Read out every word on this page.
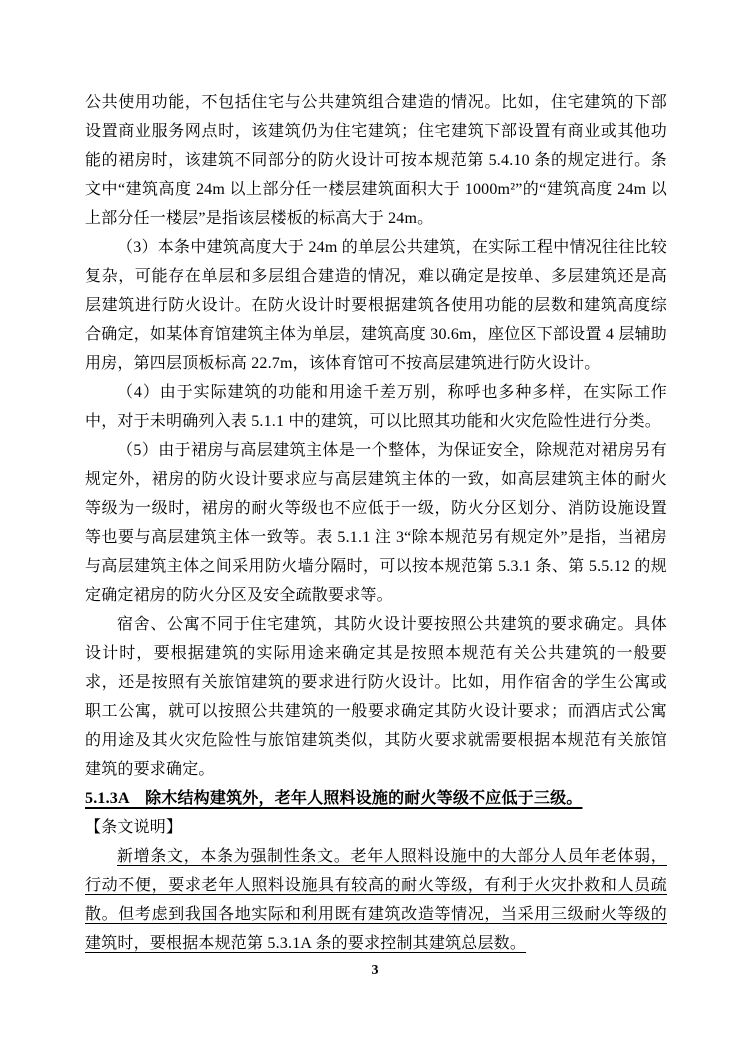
公共使用功能，不包括住宅与公共建筑组合建造的情况。比如，住宅建筑的下部设置商业服务网点时，该建筑仍为住宅建筑；住宅建筑下部设置有商业或其他功能的裙房时，该建筑不同部分的防火设计可按本规范第 5.4.10 条的规定进行。条文中“建筑高度 24m 以上部分任一楼层建筑面积大于 1000m²”的“建筑高度 24m 以上部分任一楼层”是指该层楼板的标高大于 24m。

（3）本条中建筑高度大于 24m 的单层公共建筑，在实际工程中情况往往比较复杂，可能存在单层和多层组合建造的情况，难以确定是按单、多层建筑还是高层建筑进行防火设计。在防火设计时要根据建筑各使用功能的层数和建筑高度综合确定，如某体育馆建筑主体为单层，建筑高度 30.6m，座位区下部设置 4 层辅助用房，第四层顶板标高 22.7m，该体育馆可不按高层建筑进行防火设计。

（4）由于实际建筑的功能和用途千差万别，称呼也多种多样，在实际工作中，对于未明确列入表 5.1.1 中的建筑，可以比照其功能和火灾危险性进行分类。

（5）由于裙房与高层建筑主体是一个整体，为保证安全，除规范对裙房另有规定外，裙房的防火设计要求应与高层建筑主体的一致，如高层建筑主体的耐火等级为一级时，裙房的耐火等级也不应低于一级，防火分区划分、消防设施设置等也要与高层建筑主体一致等。表 5.1.1 注 3“除本规范另有规定外”是指，当裙房与高层建筑主体之间采用防火墙分隔时，可以按本规范第 5.3.1 条、第 5.5.12 的规定确定裙房的防火分区及安全疏散要求等。

宿舍、公寓不同于住宅建筑，其防火设计要按照公共建筑的要求确定。具体设计时，要根据建筑的实际用途来确定其是按照本规范有关公共建筑的一般要求，还是按照有关旅馆建筑的要求进行防火设计。比如，用作宿舍的学生公寓或职工公寓，就可以按照公共建筑的一般要求确定其防火设计要求；而酒店式公寓的用途及其火灾危险性与旅馆建筑类似，其防火要求就需要根据本规范有关旅馆建筑的要求确定。

5.1.3A　除木结构建筑外，老年人照料设施的耐火等级不应低于三级。

【条文说明】

新增条文，本条为强制性条文。老年人照料设施中的大部分人员年老体弱，行动不便，要求老年人照料设施具有较高的耐火等级，有利于火灾扑救和人员疏散。但考虑到我国各地实际和利用既有建筑改造等情况，当采用三级耐火等级的建筑时，要根据本规范第 5.3.1A 条的要求控制其建筑总层数。

3
